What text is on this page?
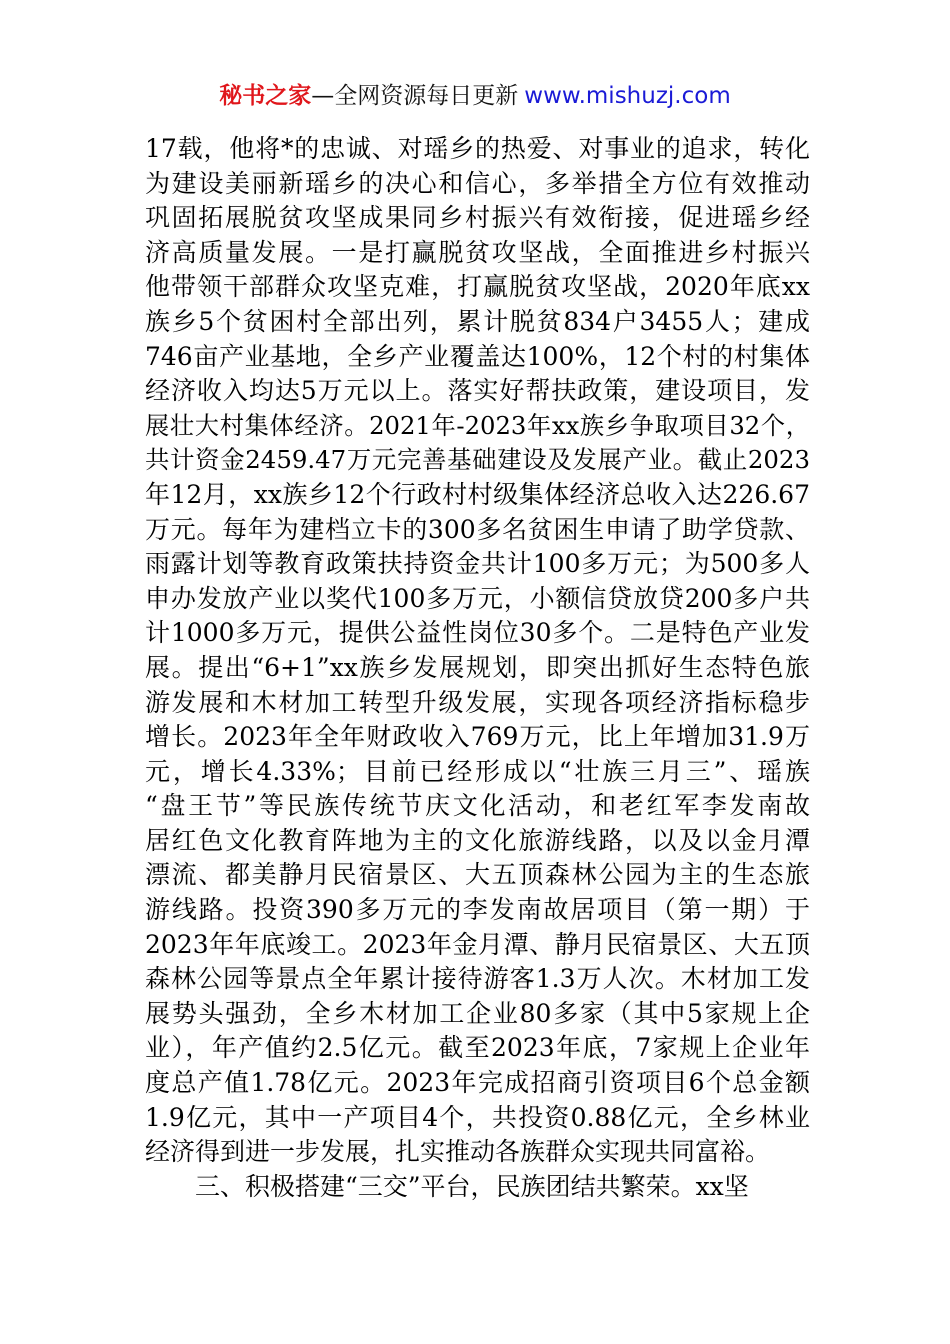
秘书之家—全网资源每日更新 www.mishuzj.com
17载，他将*的忠诚、对瑶乡的热爱、对事业的追求，转化
为建设美丽新瑶乡的决心和信心，多举措全方位有效推动
巩固拓展脱贫攻坚成果同乡村振兴有效衔接，促进瑶乡经
济高质量发展。一是打赢脱贫攻坚战，全面推进乡村振兴
他带领干部群众攻坚克难，打赢脱贫攻坚战，2020年底xx
族乡5个贫困村全部出列，累计脱贫834户3455人；建成
746亩产业基地，全乡产业覆盖达100%，12个村的村集体
经济收入均达5万元以上。落实好帮扶政策，建设项目，发
展壮大村集体经济。2021年-2023年xx族乡争取项目32个，
共计资金2459.47万元完善基础建设及发展产业。截止2023
年12月，xx族乡12个行政村村级集体经济总收入达226.67
万元。每年为建档立卡的300多名贫困生申请了助学贷款、
雨露计划等教育政策扶持资金共计100多万元；为500多人
申办发放产业以奖代100多万元，小额信贷放贷200多户共
计1000多万元，提供公益性岗位30多个。二是特色产业发
展。提出“6+1”xx族乡发展规划，即突出抓好生态特色旅
游发展和木材加工转型升级发展，实现各项经济指标稳步
增长。2023年全年财政收入769万元，比上年增加31.9万
元，增长4.33%；目前已经形成以“壮族三月三”、瑶族
“盘王节”等民族传统节庆文化活动，和老红军李发南故
居红色文化教育阵地为主的文化旅游线路，以及以金月潭
漂流、都美静月民宿景区、大五顶森林公园为主的生态旅
游线路。投资390多万元的李发南故居项目（第一期）于
2023年年底竣工。2023年金月潭、静月民宿景区、大五顶
森林公园等景点全年累计接待游客1.3万人次。木材加工发
展势头强劲，全乡木材加工企业80多家（其中5家规上企
业），年产值约2.5亿元。截至2023年底，7家规上企业年
度总产值1.78亿元。2023年完成招商引资项目6个总金额
1.9亿元，其中一产项目4个，共投资0.88亿元，全乡林业
经济得到进一步发展，扎实推动各族群众实现共同富裕。
三、积极搭建“三交”平台，民族团结共繁荣。xx坚
